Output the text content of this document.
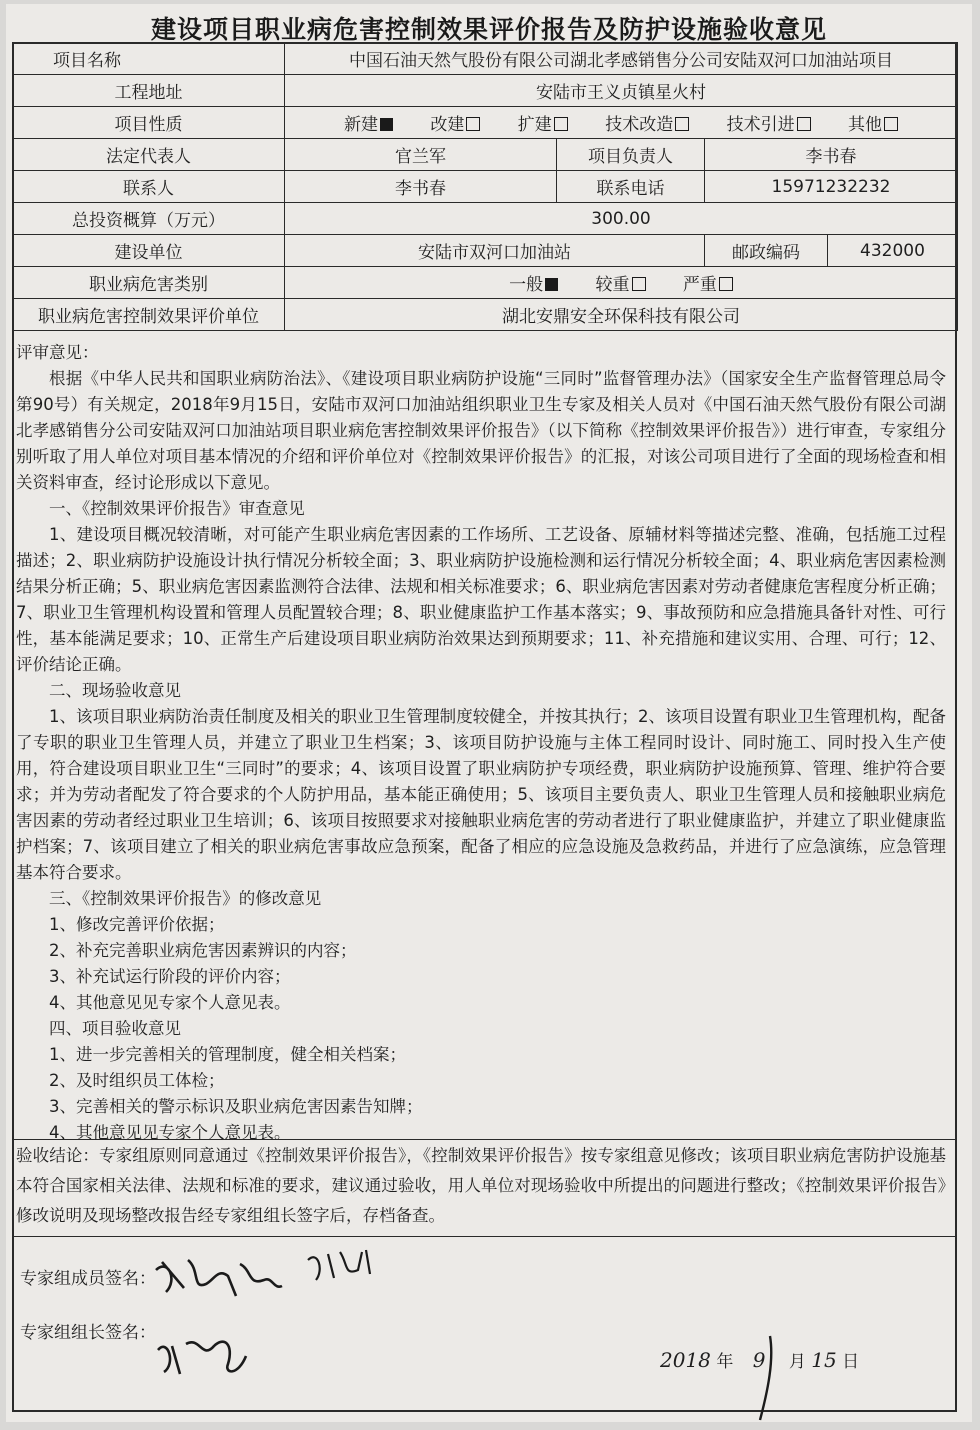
建设项目职业病危害控制效果评价报告及防护设施验收意见
项目名称	中国石油天然气股份有限公司湖北孝感销售分公司安陆双河口加油站项目			
工程地址	安陆市王义贞镇星火村			
项目性质	新建 改建 扩建 技术改造 技术引进 其他			
法定代表人	官兰军	项目负责人	李书春	
联系人	李书春	联系电话	15971232232	
总投资概算（万元）	300.00			
建设单位	安陆市双河口加油站		邮政编码	432000
职业病危害类别	一般 较重 严重			
职业病危害控制效果评价单位	湖北安鼎安全环保科技有限公司			

评审意见：

根据《中华人民共和国职业病防治法》、《建设项目职业病防护设施“三同时”监督管理办法》（国家安全生产监督管理总局令第90号）有关规定，2018年9月15日，安陆市双河口加油站组织职业卫生专家及相关人员对《中国石油天然气股份有限公司湖北孝感销售分公司安陆双河口加油站项目职业病危害控制效果评价报告》（以下简称《控制效果评价报告》）进行审查，专家组分别听取了用人单位对项目基本情况的介绍和评价单位对《控制效果评价报告》的汇报，对该公司项目进行了全面的现场检查和相关资料审查，经讨论形成以下意见。

一、《控制效果评价报告》审查意见

1、建设项目概况较清晰，对可能产生职业病危害因素的工作场所、工艺设备、原辅材料等描述完整、准确，包括施工过程描述；2、职业病防护设施设计执行情况分析较全面；3、职业病防护设施检测和运行情况分析较全面；4、职业病危害因素检测结果分析正确；5、职业病危害因素监测符合法律、法规和相关标准要求；6、职业病危害因素对劳动者健康危害程度分析正确；7、职业卫生管理机构设置和管理人员配置较合理；8、职业健康监护工作基本落实；9、事故预防和应急措施具备针对性、可行性，基本能满足要求；10、正常生产后建设项目职业病防治效果达到预期要求；11、补充措施和建议实用、合理、可行；12、评价结论正确。

二、现场验收意见

1、该项目职业病防治责任制度及相关的职业卫生管理制度较健全，并按其执行；2、该项目设置有职业卫生管理机构，配备了专职的职业卫生管理人员，并建立了职业卫生档案；3、该项目防护设施与主体工程同时设计、同时施工、同时投入生产使用，符合建设项目职业卫生“三同时”的要求；4、该项目设置了职业病防护专项经费，职业病防护设施预算、管理、维护符合要求；并为劳动者配发了符合要求的个人防护用品，基本能正确使用；5、该项目主要负责人、职业卫生管理人员和接触职业病危害因素的劳动者经过职业卫生培训；6、该项目按照要求对接触职业病危害的劳动者进行了职业健康监护，并建立了职业健康监护档案；7、该项目建立了相关的职业病危害事故应急预案，配备了相应的应急设施及急救药品，并进行了应急演练，应急管理基本符合要求。

三、《控制效果评价报告》的修改意见

1、修改完善评价依据；

2、补充完善职业病危害因素辨识的内容；

3、补充试运行阶段的评价内容；

4、其他意见见专家个人意见表。

四、项目验收意见

1、进一步完善相关的管理制度，健全相关档案；

2、及时组织员工体检；

3、完善相关的警示标识及职业病危害因素告知牌；

4、其他意见见专家个人意见表。

验收结论：专家组原则同意通过《控制效果评价报告》，《控制效果评价报告》按专家组意见修改；该项目职业病危害防护设施基本符合国家相关法律、法规和标准的要求，建议通过验收，用人单位对现场验收中所提出的问题进行整改；《控制效果评价报告》修改说明及现场整改报告经专家组组长签字后，存档备查。
专家组成员签名：
专家组组长签名：
2018 年 9 月 15 日
